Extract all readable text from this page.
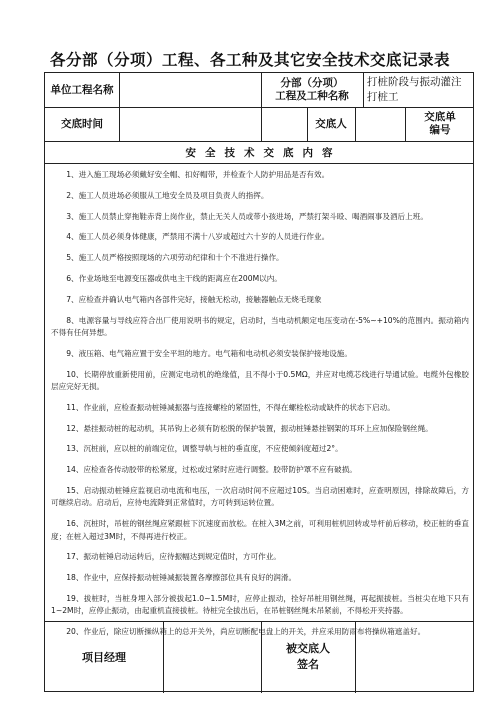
各分部（分项）工程、各工种及其它安全技术交底记录表
单位工程名称
分部（分项）
工程及工种名称
打桩阶段与振动灌注打桩工
交底时间	交底人
交底单
编号
安全技术交底内容

1、进入施工现场必须戴好安全帽、扣好帽带，并检查个人防护用品是否有效。

2、施工人员进场必须服从工地安全员及项目负责人的指挥。

3、施工人员禁止穿拖鞋赤背上岗作业，禁止无关人员或带小孩进场，严禁打架斗殴、喝酒闹事及酒后上班。

4、施工人员必须身体健康，严禁用不满十八岁或超过六十岁的人员进行作业。

5、施工人员严格按照现场的六项劳动纪律和十个不准进行操作。

6、作业场地至电源变压器或供电主干线的距离应在200M以内。

7、应检查并确认电气箱内各部件完好，接触无松动，接触器触点无烧毛现象

8、电源容量与导线应符合出厂使用说明书的规定，启动时，当电动机额定电压变动在-5%~+10%的范围内。振动箱内不得有任何异想。

9、液压箱、电气箱应置于安全平坦的地方。电气箱和电动机必须安装保护接地设施。

10、长期停放重新使用前，应测定电动机的绝缘值，且不得小于0.5MΩ，并应对电缆芯线进行导通试验。电缆外包橡胶层应完好无损。

11、作业前，应检查振动桩锤减振器与连接螺栓的紧固性，不得在螺栓松动或缺件的状态下启动。

12、悬挂振动桩的起动机，其吊钩上必须有防松脱的保护装置，振动桩锤悬挂钢架的耳环上应加保险钢丝绳。

13、沉桩前，应以桩的前端定位，调整导轨与桩的垂直度，不应使倾斜度超过2°。

14、应检查各传动胶带的松紧度，过松或过紧时应进行调整。胶带防护罩不应有破损。

15、启动振动桩锤应监视启动电流和电压，一次启动时间不应超过10S。当启动困难时，应查明原因，排除故障后，方可继续启动。启动后，应待电流降到正常值时，方可转到运转位置。

16、沉桩时，吊桩的钢丝绳应紧跟桩下沉速度而放松。在桩入3M之前，可利用桩机回转或导杆前后移动，校正桩的垂直度；在桩入超过3M时，不得再进行校正。

17、振动桩锤启动运转后，应待振幅达到规定值时，方可作业。

18、作业中，应保持振动桩锤减振装置各摩擦部位具有良好的润滑。

19、拔桩时，当桩身埋入部分被拔起1.0~1.5M时，应停止振动，拴好吊桩用钢丝绳，再起振拔桩。当桩尖在地下只有1~2M时，应停止振动，由起重机直接拔桩。待桩完全拔出后，在吊桩钢丝绳未吊紧前，不得松开夹持器。

20、作业后，除应切断操纵箱上的总开关外，尚应切断配电盘上的开关，并应采用防雨布将操纵箱遮盖好。

项目经理
被交底人
签名
